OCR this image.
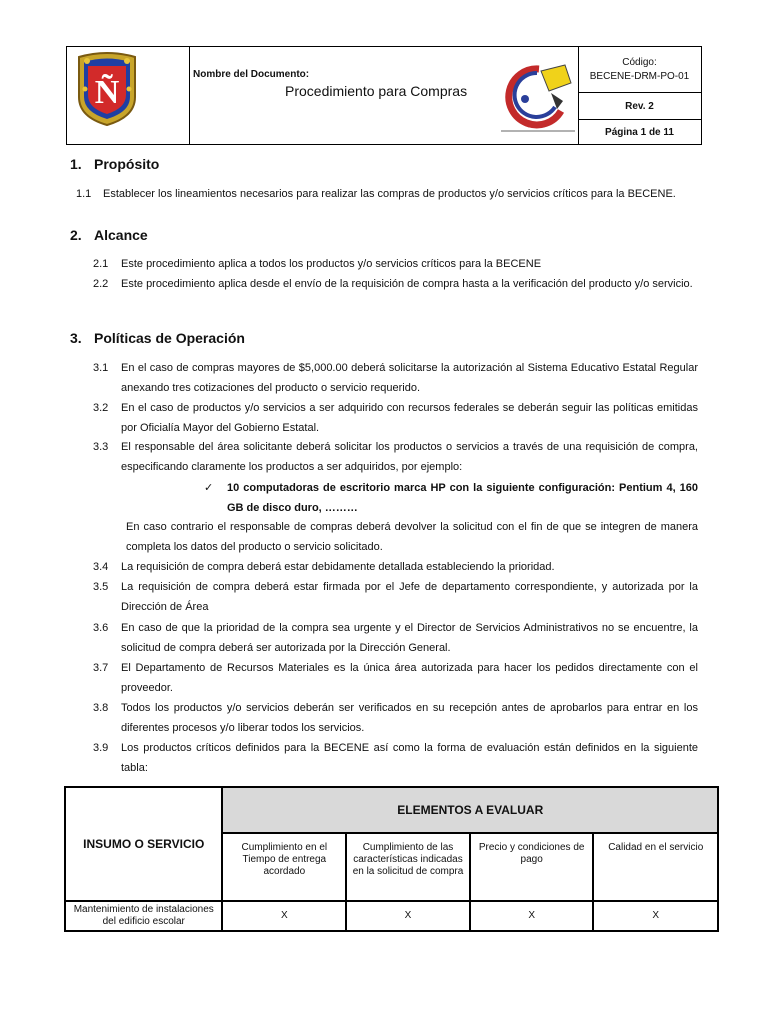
Ñ	Nombre del Documento:
Procedimiento para Compras
Código:
BECENE-DRM-PO-01
Rev. 2
Página 1 de 11
1. Propósito
1.1 Establecer los lineamientos necesarios para realizar las compras de productos y/o servicios críticos para la BECENE.
2. Alcance
2.1 Este procedimiento aplica a todos los productos y/o servicios críticos para la BECENE
2.2 Este procedimiento aplica desde el envío de la requisición de compra hasta a la verificación del producto y/o servicio.
3. Políticas de Operación
3.1 En el caso de compras mayores de $5,000.00 deberá solicitarse la autorización al Sistema Educativo Estatal Regular anexando tres cotizaciones del producto o servicio requerido.
3.2 En el caso de productos y/o servicios a ser adquirido con recursos federales se deberán seguir las políticas emitidas por Oficialía Mayor del Gobierno Estatal.
3.3 El responsable del área solicitante deberá solicitar los productos o servicios a través de una requisición de compra, especificando claramente los productos a ser adquiridos, por ejemplo:
✓ 10 computadoras de escritorio marca HP con la siguiente configuración: Pentium 4, 160 GB de disco duro, ………
En caso contrario el responsable de compras deberá devolver la solicitud con el fin de que se integren de manera completa los datos del producto o servicio solicitado.
3.4 La requisición de compra deberá estar debidamente detallada estableciendo la prioridad.
3.5 La requisición de compra deberá estar firmada por el Jefe de departamento correspondiente, y autorizada por la Dirección de Área
3.6 En caso de que la prioridad de la compra sea urgente y el Director de Servicios Administrativos no se encuentre, la solicitud de compra deberá ser autorizada por la Dirección General.
3.7 El Departamento de Recursos Materiales es la única área autorizada para hacer los pedidos directamente con el proveedor.
3.8 Todos los productos y/o servicios deberán ser verificados en su recepción antes de aprobarlos para entrar en los diferentes procesos y/o liberar todos los servicios.
3.9 Los productos críticos definidos para la BECENE así como la forma de evaluación están definidos en la siguiente tabla:
INSUMO O SERVICIO	ELEMENTOS A EVALUAR			
	Cumplimiento en el Tiempo de entrega acordado	Cumplimiento de las características indicadas en la solicitud de compra	Precio y condiciones de pago	Calidad en el servicio
Mantenimiento de instalaciones del edificio escolar	X	X	X	X
